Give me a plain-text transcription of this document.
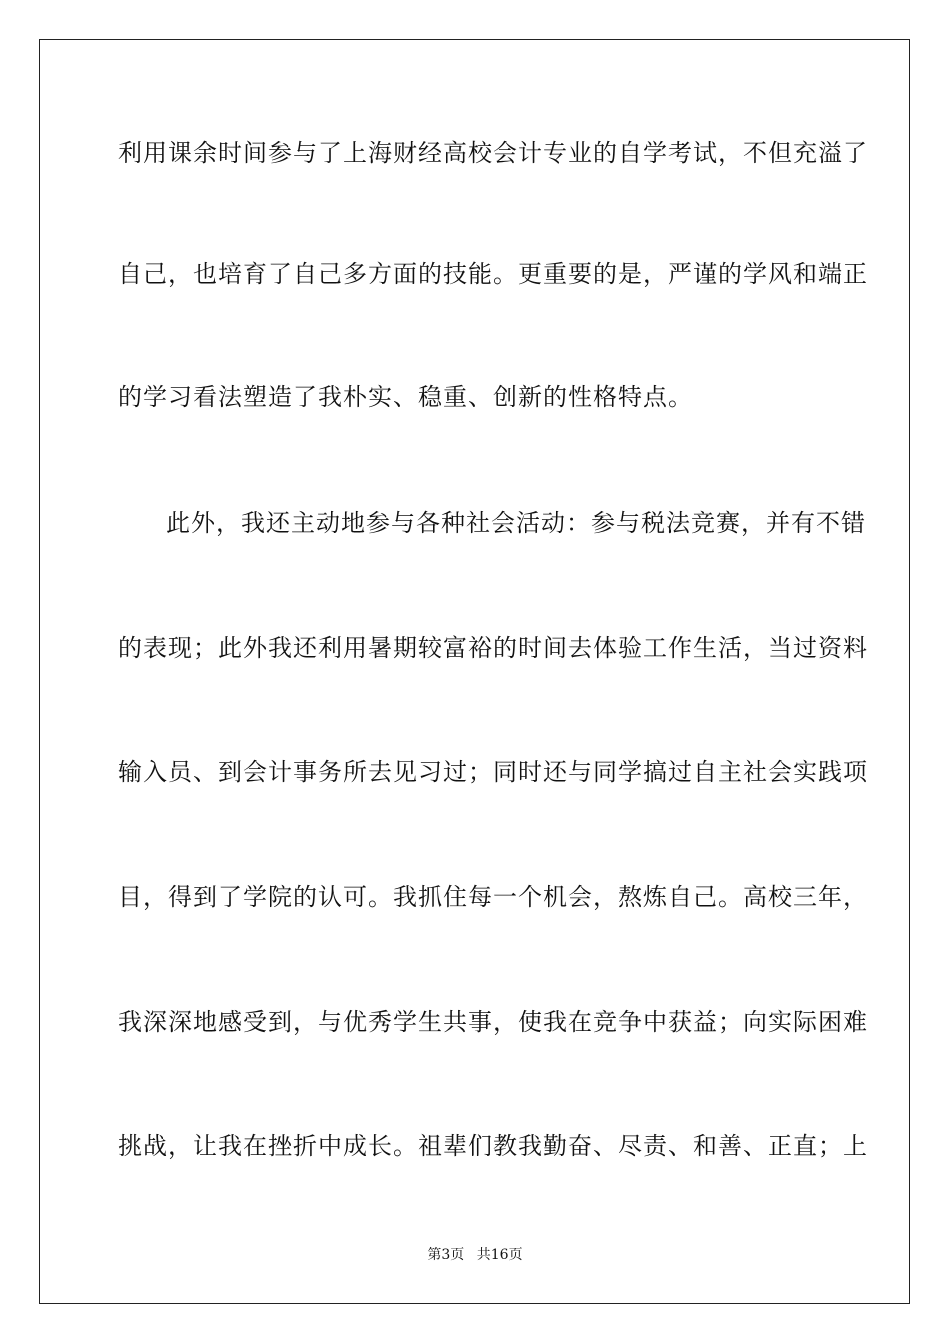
利用课余时间参与了上海财经高校会计专业的自学考试，不但充溢了
自己，也培育了自己多方面的技能。更重要的是，严谨的学风和端正
的学习看法塑造了我朴实、稳重、创新的性格特点。
此外，我还主动地参与各种社会活动：参与税法竞赛，并有不错
的表现；此外我还利用暑期较富裕的时间去体验工作生活，当过资料
输入员、到会计事务所去见习过；同时还与同学搞过自主社会实践项
目，得到了学院的认可。我抓住每一个机会，熬炼自己。高校三年，
我深深地感受到，与优秀学生共事，使我在竞争中获益；向实际困难
挑战，让我在挫折中成长。祖辈们教我勤奋、尽责、和善、正直；上
第3页 共16页
